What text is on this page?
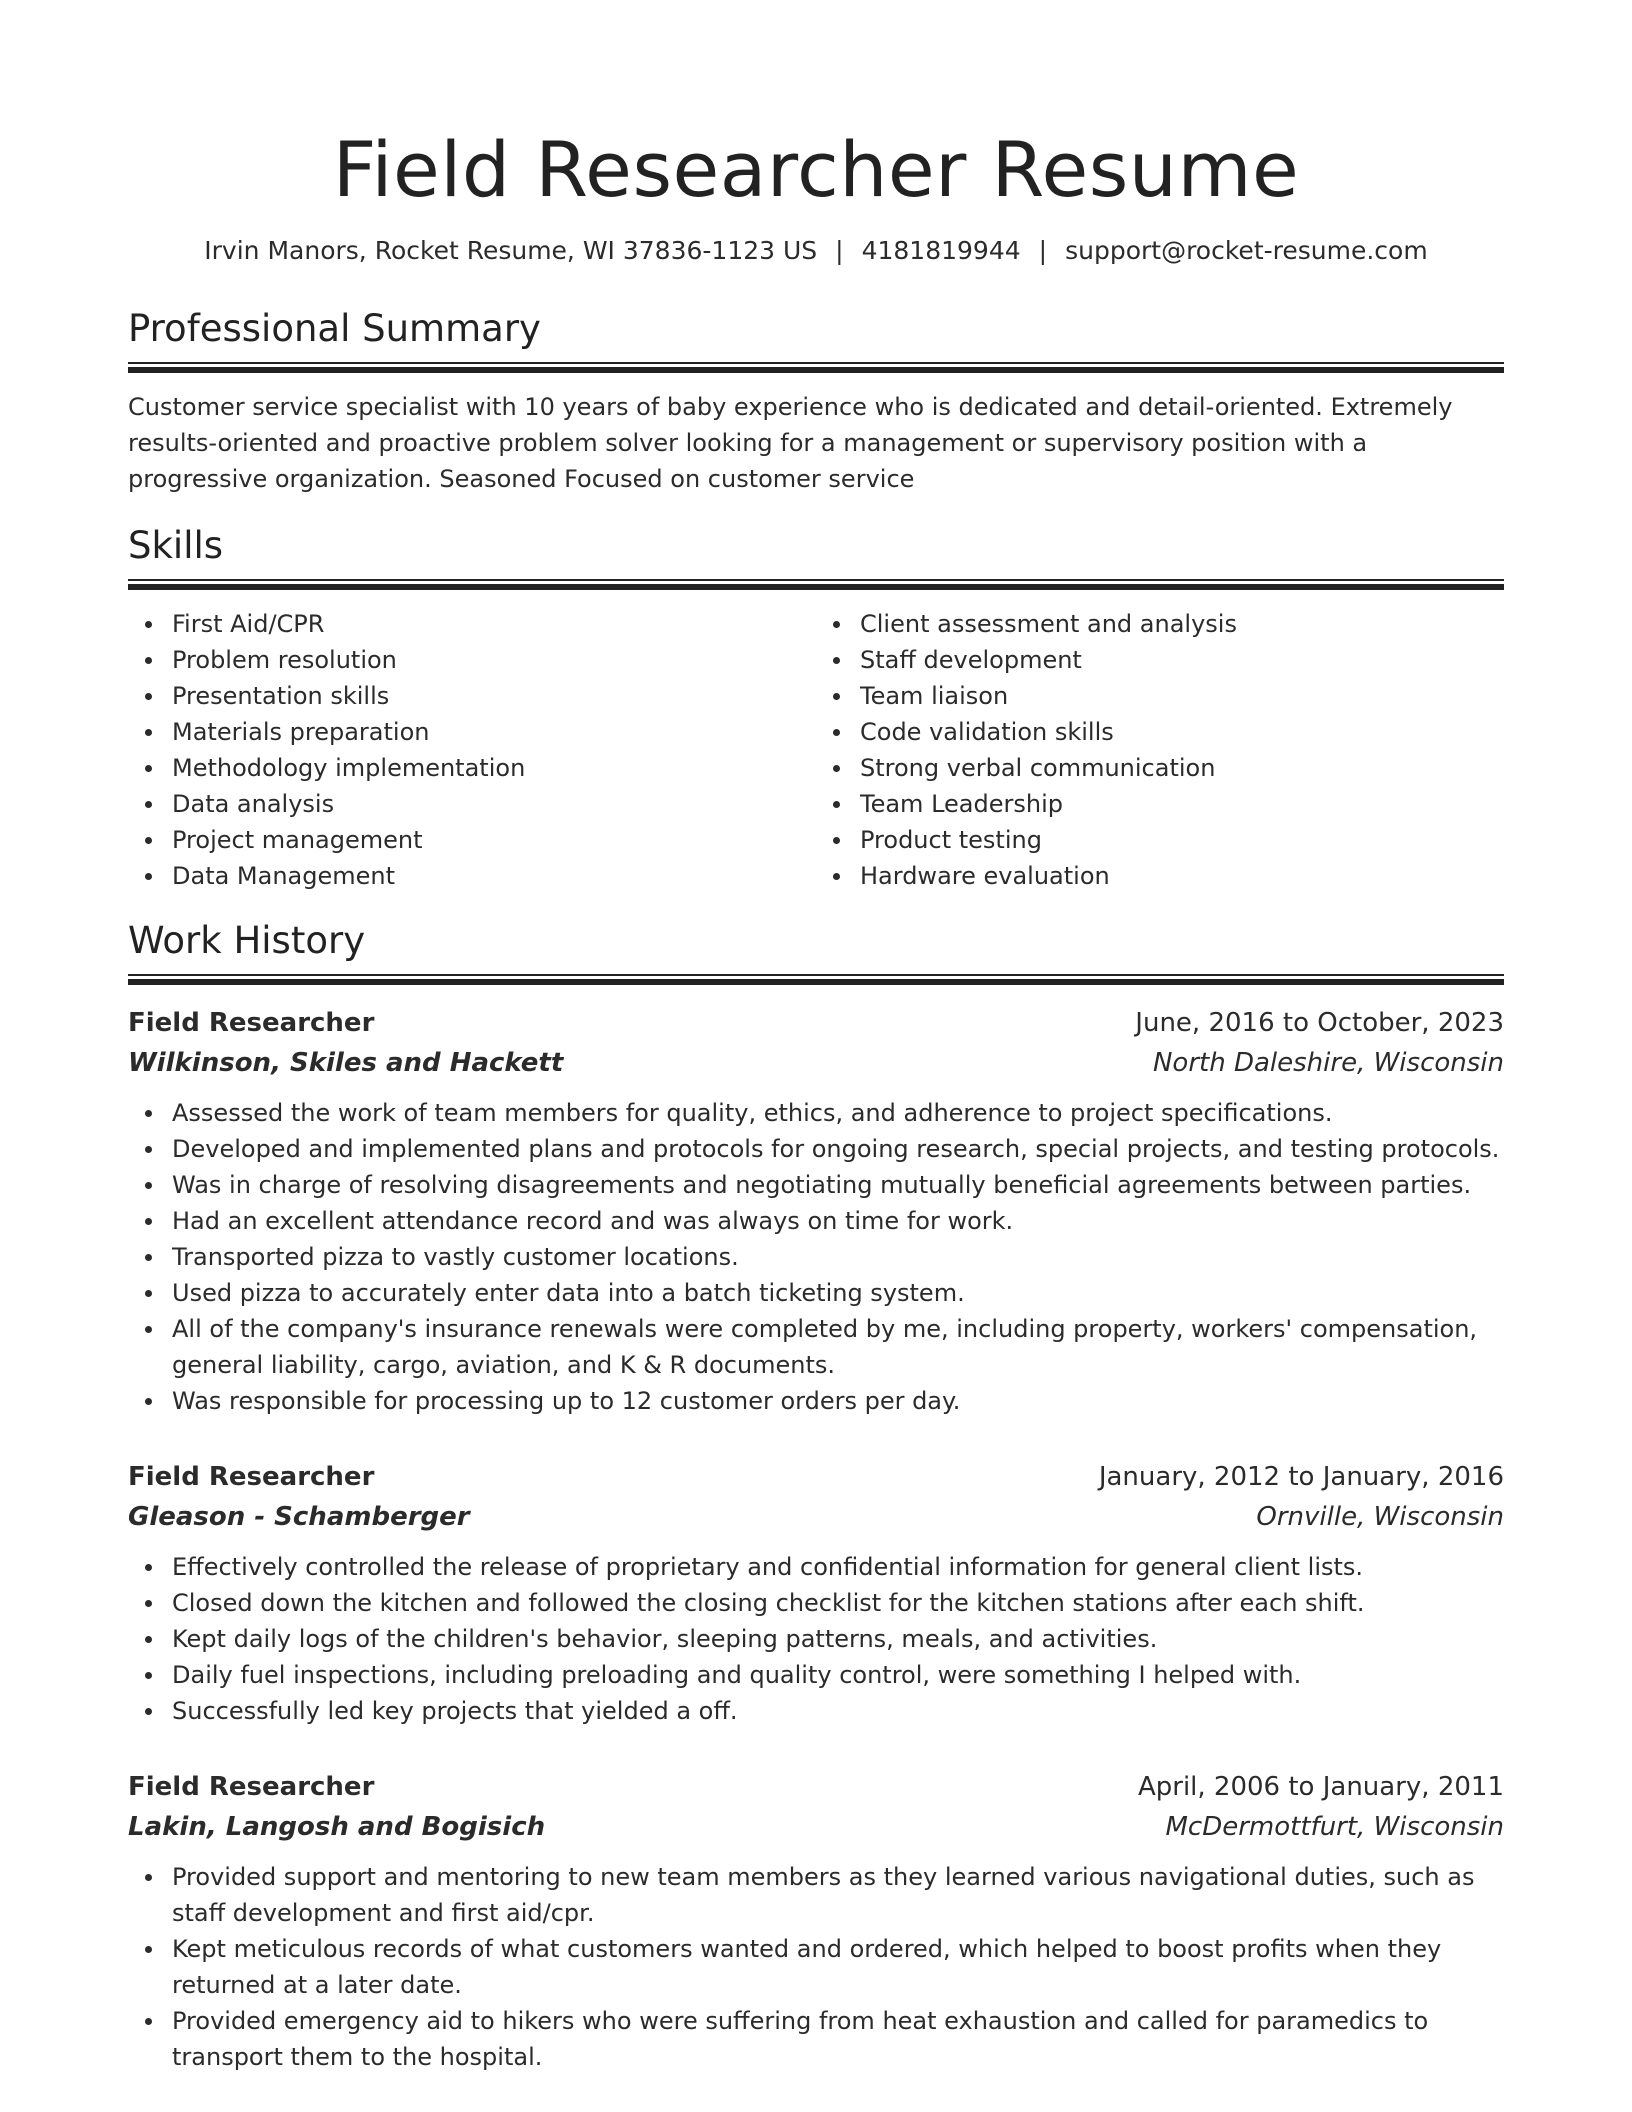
Field Researcher Resume
Irvin Manors, Rocket Resume, WI 37836-1123 US | 4181819944 | support@rocket-resume.com
Professional Summary

Customer service specialist with 10 years of baby experience who is dedicated and detail-oriented. Extremely results-oriented and proactive problem solver looking for a management or supervisory position with a progressive organization. Seasoned Focused on customer service

Skills
First Aid/CPR
Problem resolution
Presentation skills
Materials preparation
Methodology implementation
Data analysis
Project management
Data Management
Client assessment and analysis
Staff development
Team liaison
Code validation skills
Strong verbal communication
Team Leadership
Product testing
Hardware evaluation
Work History
Field Researcher	June, 2016 to October, 2023
Wilkinson, Skiles and Hackett	North Daleshire, Wisconsin
Assessed the work of team members for quality, ethics, and adherence to project specifications.
Developed and implemented plans and protocols for ongoing research, special projects, and testing protocols.
Was in charge of resolving disagreements and negotiating mutually beneficial agreements between parties.
Had an excellent attendance record and was always on time for work.
Transported pizza to vastly customer locations.
Used pizza to accurately enter data into a batch ticketing system.
All of the company's insurance renewals were completed by me, including property, workers' compensation, general liability, cargo, aviation, and K & R documents.
Was responsible for processing up to 12 customer orders per day.
Field Researcher	January, 2012 to January, 2016
Gleason - Schamberger	Ornville, Wisconsin
Effectively controlled the release of proprietary and confidential information for general client lists.
Closed down the kitchen and followed the closing checklist for the kitchen stations after each shift.
Kept daily logs of the children's behavior, sleeping patterns, meals, and activities.
Daily fuel inspections, including preloading and quality control, were something I helped with.
Successfully led key projects that yielded a off.
Field Researcher	April, 2006 to January, 2011
Lakin, Langosh and Bogisich	McDermottfurt, Wisconsin
Provided support and mentoring to new team members as they learned various navigational duties, such as staff development and first aid/cpr.
Kept meticulous records of what customers wanted and ordered, which helped to boost profits when they returned at a later date.
Provided emergency aid to hikers who were suffering from heat exhaustion and called for paramedics to transport them to the hospital.
